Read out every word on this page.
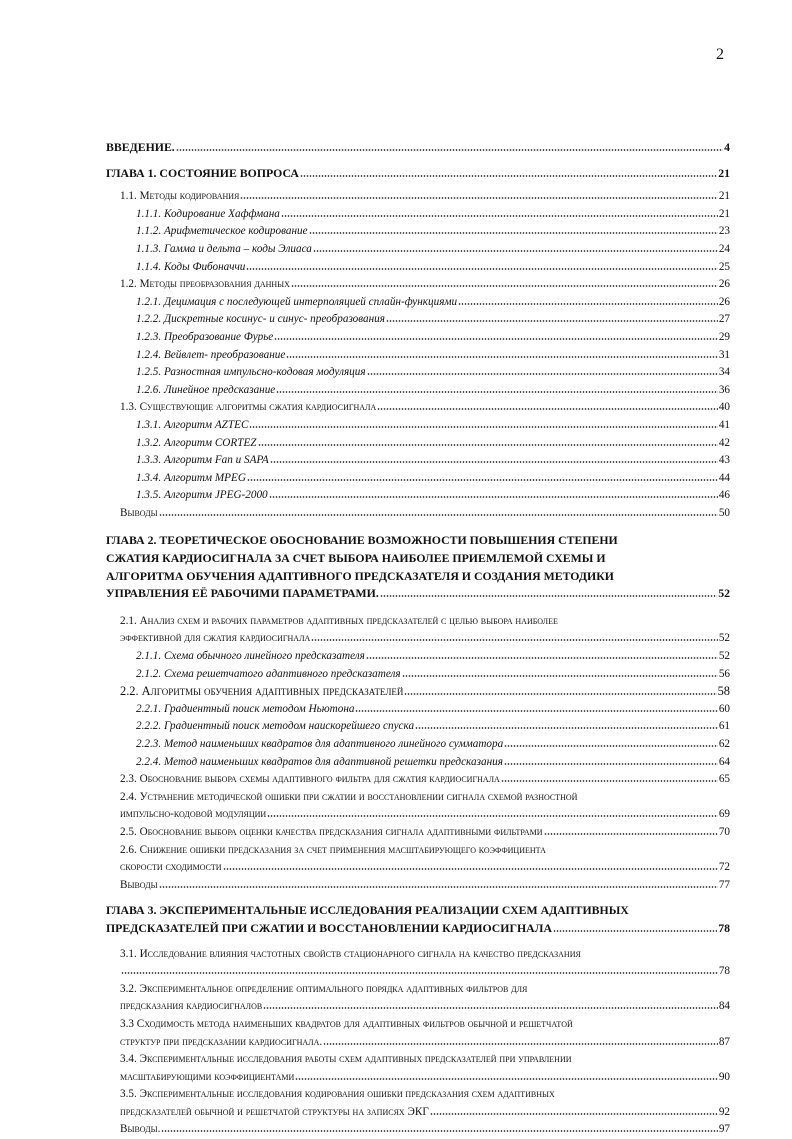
2
ВВЕДЕНИЕ.	4
ГЛАВА 1. СОСТОЯНИЕ ВОПРОСА	21
1.1. Методы кодирования	21
1.1.1. Кодирование Хаффмана	21
1.1.2. Арифметическое кодирование	23
1.1.3. Гамма и дельта – коды Элиаса	24
1.1.4. Коды Фибоначчи	25
1.2. Методы преобразования данных	26
1.2.1. Децимация с последующей интерполяцией сплайн-функциями	26
1.2.2. Дискретные косинус- и синус- преобразования	27
1.2.3. Преобразование Фурье	29
1.2.4. Вейвлет- преобразование	31
1.2.5. Разностная импульсно-кодовая модуляция	34
1.2.6. Линейное предсказание	36
1.3. Существующие алгоритмы сжатия кардиосигнала	40
1.3.1. Алгоритм AZTEC	41
1.3.2. Алгоритм CORTEZ	42
1.3.3. Алгоритм Fan и SAPA	43
1.3.4. Алгоритм MPEG	44
1.3.5. Алгоритм JPEG-2000	46
Выводы	50
ГЛАВА 2. ТЕОРЕТИЧЕСКОЕ ОБОСНОВАНИЕ ВОЗМОЖНОСТИ ПОВЫШЕНИЯ СТЕПЕНИ
СЖАТИЯ КАРДИОСИГНАЛА ЗА СЧЕТ ВЫБОРА НАИБОЛЕЕ ПРИЕМЛЕМОЙ СХЕМЫ И
АЛГОРИТМА ОБУЧЕНИЯ АДАПТИВНОГО ПРЕДСКАЗАТЕЛЯ И СОЗДАНИЯ МЕТОДИКИ
УПРАВЛЕНИЯ ЕЁ РАБОЧИМИ ПАРАМЕТРАМИ.	52
2.1. Анализ схем и рабочих параметров адаптивных предсказателей с целью выбора наиболее
эффективной для сжатия кардиосигнала	52
2.1.1. Схема обычного линейного предсказателя	52
2.1.2. Схема решетчатого адаптивного предсказателя	56
2.2. Алгоритмы обучения адаптивных предсказателей	58
2.2.1. Градиентный поиск методом Ньютона	60
2.2.2. Градиентный поиск методом наискорейшего спуска	61
2.2.3. Метод наименьших квадратов для адаптивного линейного сумматора	62
2.2.4. Метод наименьших квадратов для адаптивной решетки предсказания	64
2.3. Обоснование выбора схемы адаптивного фильтра для сжатия кардиосигнала	65
2.4. Устранение методической ошибки при сжатии и восстановлении сигнала схемой разностной
импульсно-кодовой модуляции	69
2.5. Обоснование выбора оценки качества предсказания сигнала адаптивными фильтрами	70
2.6. Снижение ошибки предсказания за счет применения масштабирующего коэффициента
скорости сходимости	72
Выводы	77
ГЛАВА 3. ЭКСПЕРИМЕНТАЛЬНЫЕ ИССЛЕДОВАНИЯ РЕАЛИЗАЦИИ СХЕМ АДАПТИВНЫХ
ПРЕДСКАЗАТЕЛЕЙ ПРИ СЖАТИИ И ВОССТАНОВЛЕНИИ КАРДИОСИГНАЛА	78
3.1. Исследование влияния частотных свойств стационарного сигнала на качество предсказания
78
3.2. Экспериментальное определение оптимального порядка адаптивных фильтров для
предсказания кардиосигналов	84
3.3 Сходимость метода наименьших квадратов для адаптивных фильтров обычной и решетчатой
структур при предсказании кардиосигнала.	87
3.4. Экспериментальные исследования работы схем адаптивных предсказателей при управлении
масштабирующими коэффициентами	90
3.5. Экспериментальные исследования кодирования ошибки предсказания схем адаптивных
предсказателей обычной и решетчатой структуры на записях ЭКГ	92
Выводы.	97
